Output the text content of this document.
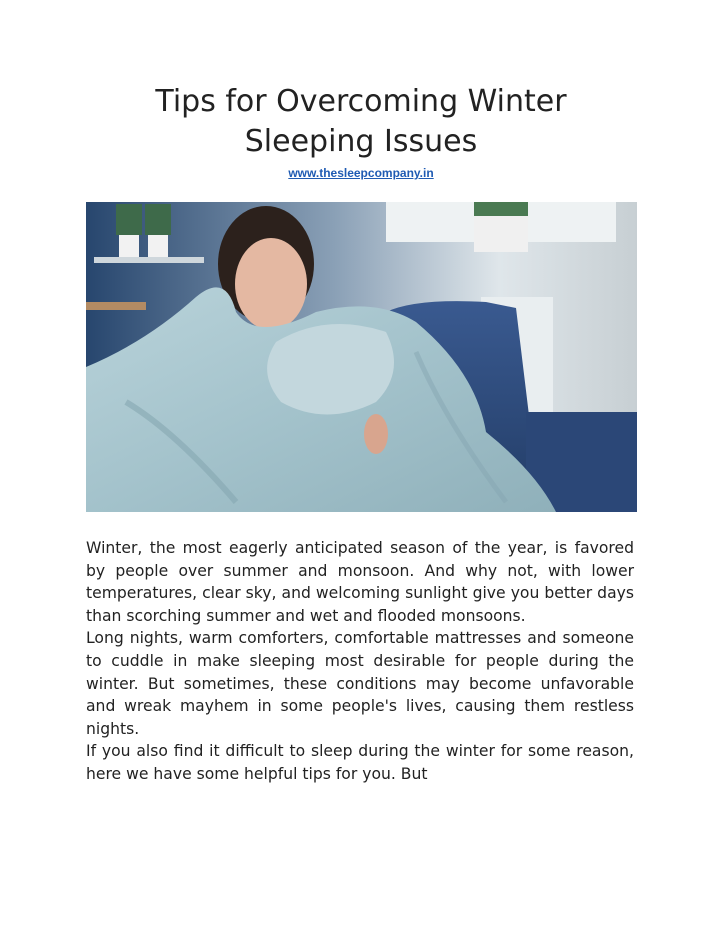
Tips for Overcoming Winter
Sleeping Issues
www.thesleepcompany.in

Winter, the most eagerly anticipated season of the year, is favored by people over summer and monsoon. And why not, with lower temperatures, clear sky, and welcoming sunlight give you better days than scorching summer and wet and flooded monsoons.

Long nights, warm comforters, comfortable mattresses and someone to cuddle in make sleeping most desirable for people during the winter. But sometimes, these conditions may become unfavorable and wreak mayhem in some people's lives, causing them restless nights.

If you also find it difficult to sleep during the winter for some reason, here we have some helpful tips for you. But
